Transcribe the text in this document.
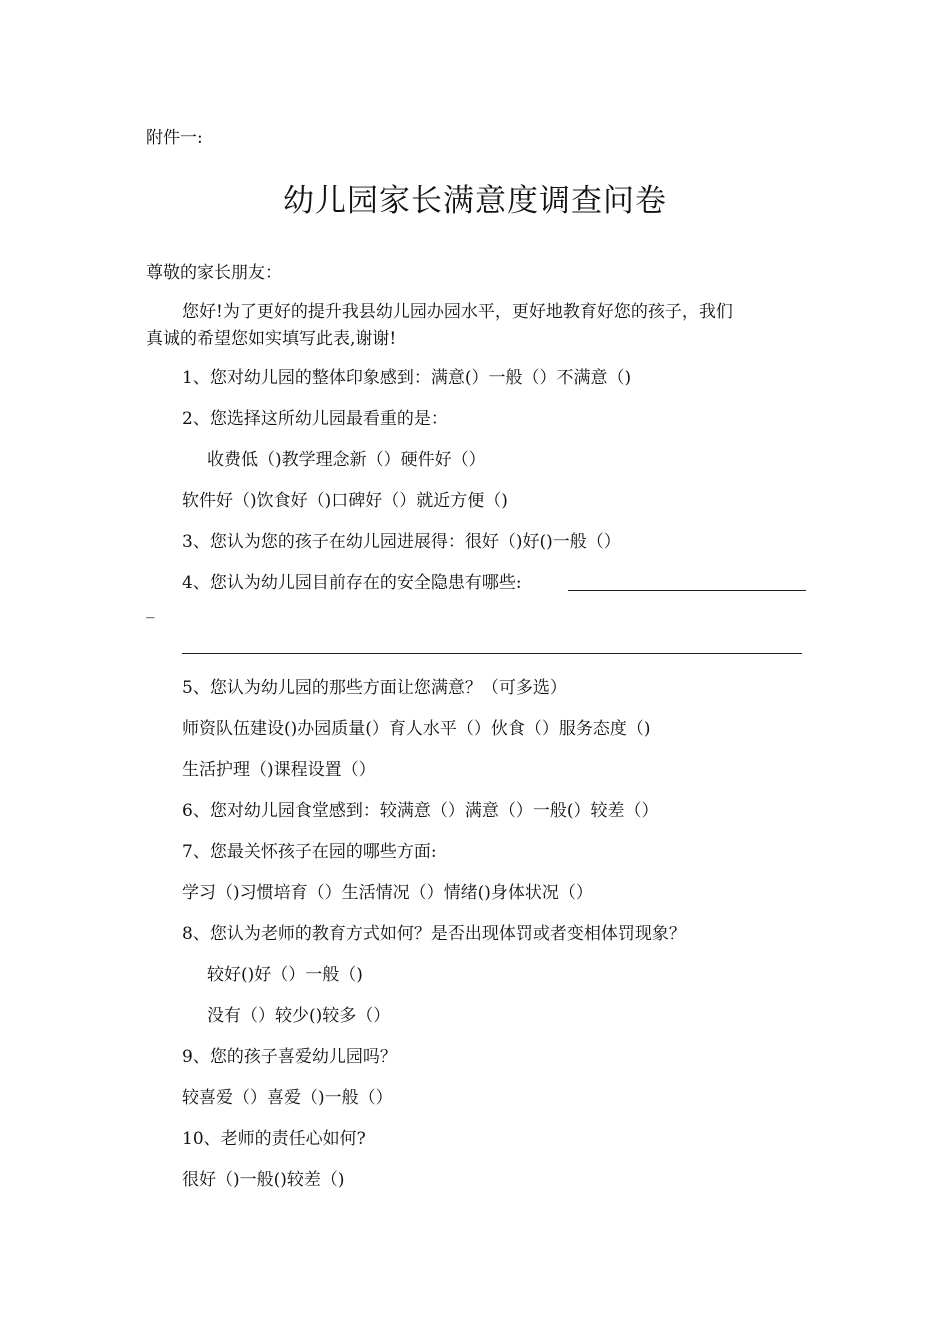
附件一:
幼儿园家长满意度调查问卷
尊敬的家长朋友：
您好!为了更好的提升我县幼儿园办园水平，更好地教育好您的孩子，我们
真诚的希望您如实填写此表,谢谢!
1、您对幼儿园的整体印象感到：满意(）一般（）不满意（)
2、您选择这所幼儿园最看重的是：
收费低（)教学理念新（）硬件好（）
软件好（)饮食好（)口碑好（）就近方便（)
3、您认为您的孩子在幼儿园进展得：很好（)好()一般（）
4、您认为幼儿园目前存在的安全隐患有哪些:
_
5、您认为幼儿园的那些方面让您满意？（可多选）
师资队伍建设()办园质量(）育人水平（）伙食（）服务态度（)
生活护理（)课程设置（）
6、您对幼儿园食堂感到：较满意（）满意（）一般(）较差（）
7、您最关怀孩子在园的哪些方面:
学习（)习惯培育（）生活情况（）情绪()身体状况（）
8、您认为老师的教育方式如何？是否出现体罚或者变相体罚现象？
较好()好（）一般（)
没有（）较少()较多（）
9、您的孩子喜爱幼儿园吗？
较喜爱（）喜爱（)一般（）
10、老师的责任心如何?
很好（)一般()较差（)
